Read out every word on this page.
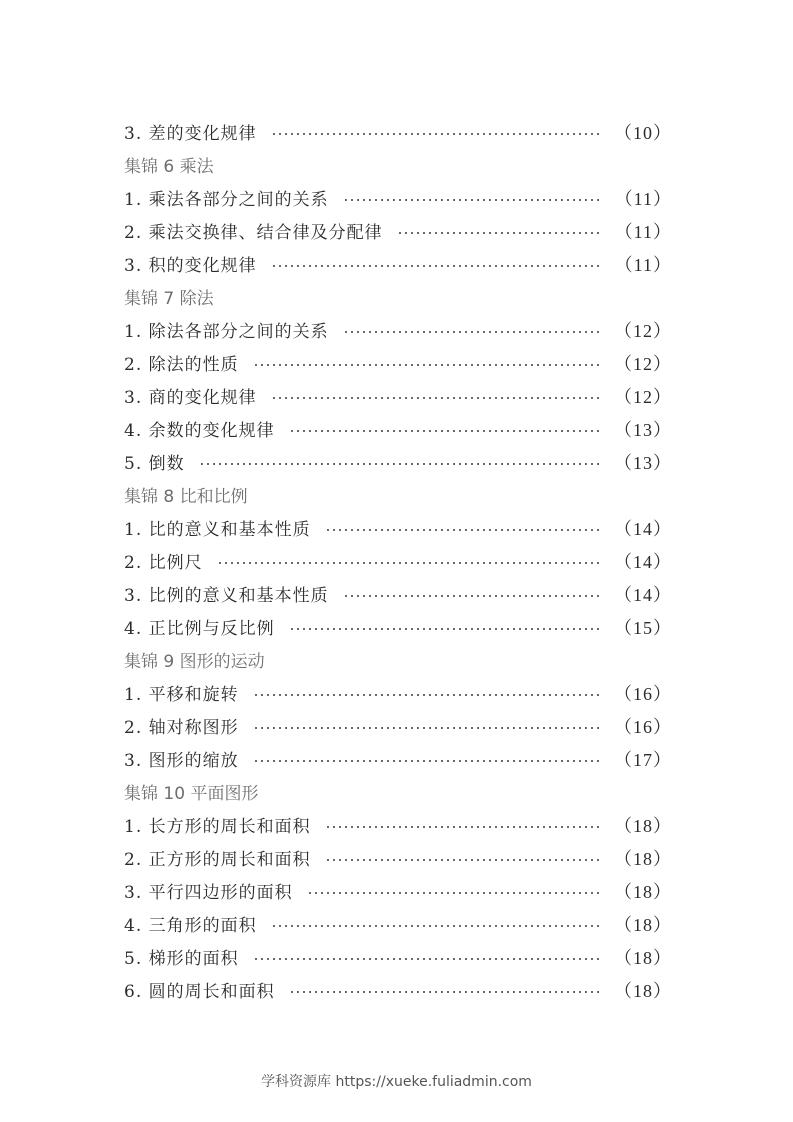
3. 差的变化规律	（10）
集锦 6 乘法
1. 乘法各部分之间的关系	（11）
2. 乘法交换律、结合律及分配律	（11）
3. 积的变化规律	（11）
集锦 7 除法
1. 除法各部分之间的关系	（12）
2. 除法的性质	（12）
3. 商的变化规律	（12）
4. 余数的变化规律	（13）
5. 倒数	（13）
集锦 8 比和比例
1. 比的意义和基本性质	（14）
2. 比例尺	（14）
3. 比例的意义和基本性质	（14）
4. 正比例与反比例	（15）
集锦 9 图形的运动
1. 平移和旋转	（16）
2. 轴对称图形	（16）
3. 图形的缩放	（17）
集锦 10 平面图形
1. 长方形的周长和面积	（18）
2. 正方形的周长和面积	（18）
3. 平行四边形的面积	（18）
4. 三角形的面积	（18）
5. 梯形的面积	（18）
6. 圆的周长和面积	（18）
学科资源库 https://xueke.fuliadmin.com
